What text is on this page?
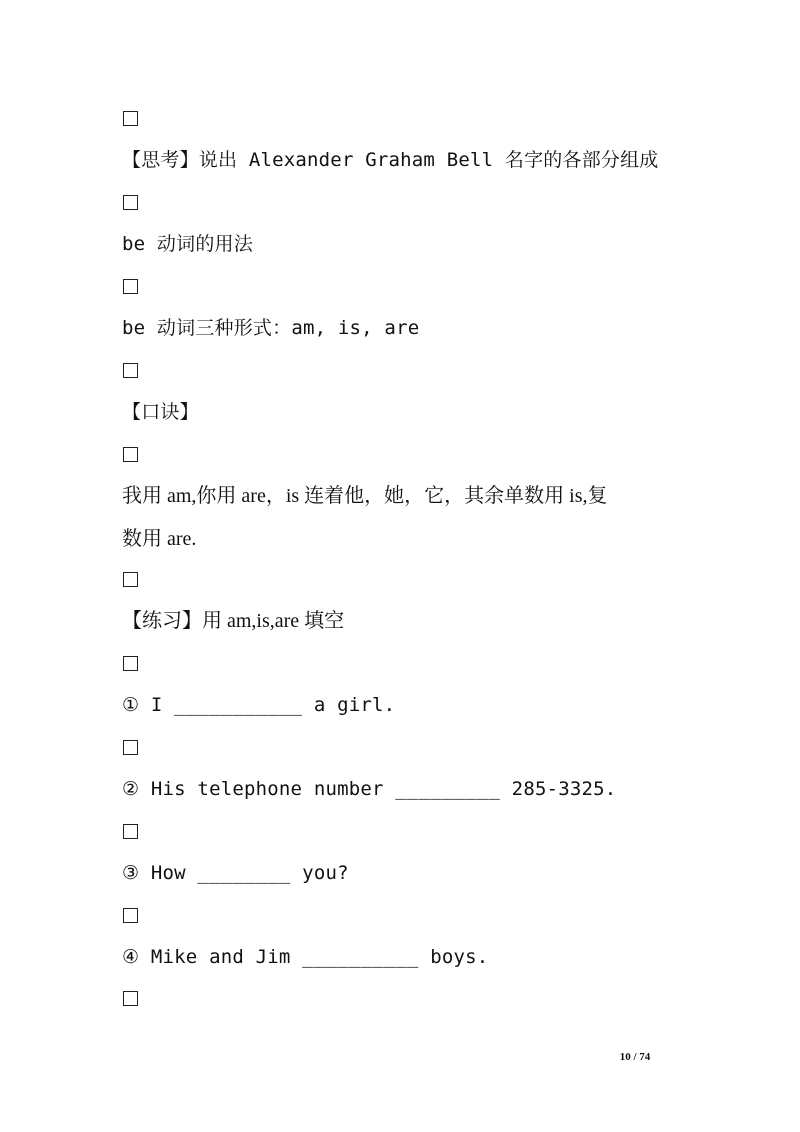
【思考】说出 Alexander Graham Bell 名字的各部分组成
be 动词的用法
be 动词三种形式：am, is, are
【口诀】
我用 am,你用 are，is 连着他，她，它，其余单数用 is,复
数用 are.
【练习】用 am,is,are 填空
① I ___________ a girl.
② His telephone number _________ 285-3325.
③ How ________ you?
④ Mike and Jim __________ boys.
10 / 74
